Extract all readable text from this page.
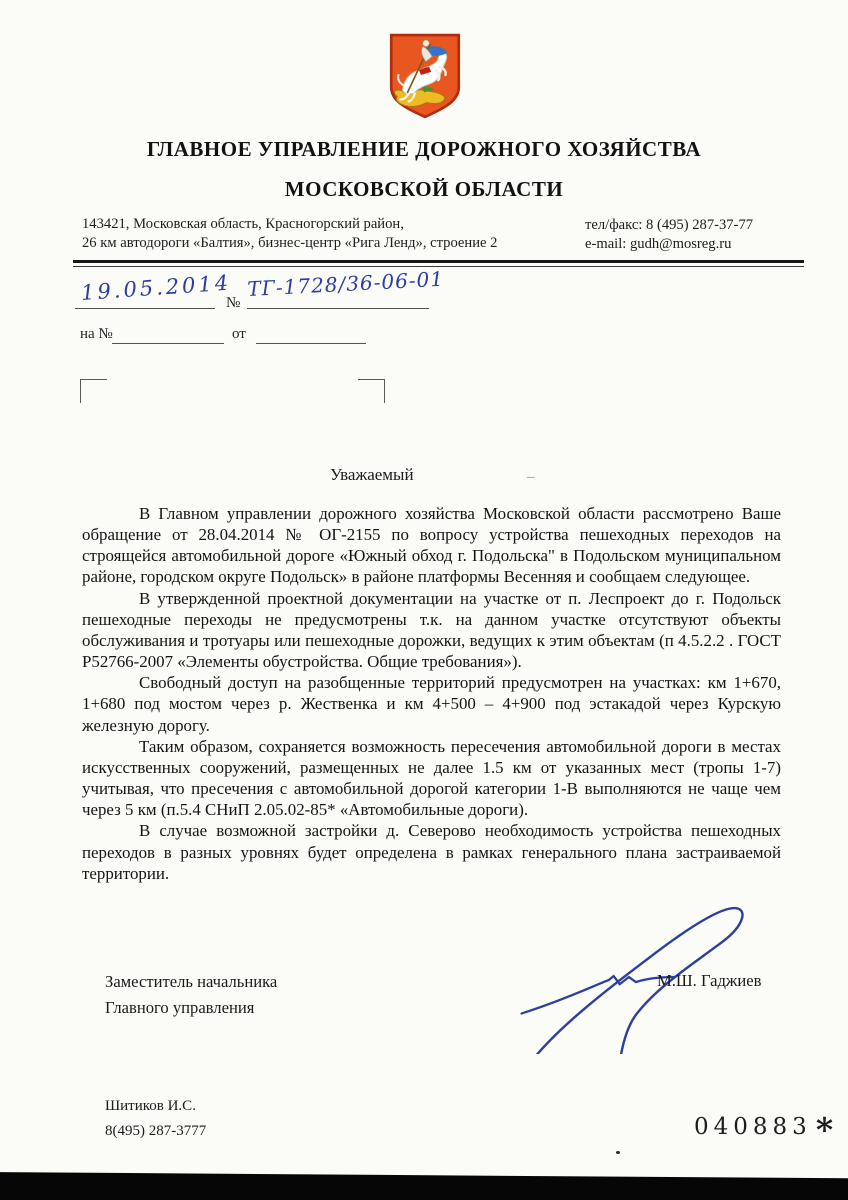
ГЛАВНОЕ УПРАВЛЕНИЕ ДОРОЖНОГО ХОЗЯЙСТВА
МОСКОВСКОЙ ОБЛАСТИ
143421, Московская область, Красногорский район,
26 км автодороги «Балтия», бизнес-центр «Рига Ленд», строение 2
тел/факс: 8 (495) 287-37-77
e-mail: gudh@mosreg.ru
19.05.2014
№
ТГ-1728/36-06-01
на №	от
Уважаемый	–

В Главном управлении дорожного хозяйства Московской области рассмотрено Ваше обращение от 28.04.2014 № ОГ-2155 по вопросу устройства пешеходных переходов на строящейся автомобильной дороге «Южный обход г. Подольска" в Подольском муниципальном районе, городском округе Подольск» в районе платформы Весенняя и сообщаем следующее.

В утвержденной проектной документации на участке от п. Леспроект до г. Подольск пешеходные переходы не предусмотрены т.к. на данном участке отсутствуют объекты обслуживания и тротуары или пешеходные дорожки, ведущих к этим объектам (п 4.5.2.2 . ГОСТ Р52766-2007 «Элементы обустройства. Общие требования»).

Свободный доступ на разобщенные территорий предусмотрен на участках: км 1+670, 1+680 под мостом через р. Жественка и км 4+500 – 4+900 под эстакадой через Курскую железную дорогу.

Таким образом, сохраняется возможность пересечения автомобильной дороги в местах искусственных сооружений, размещенных не далее 1.5 км от указанных мест (тропы 1-7) учитывая, что пресечения с автомобильной дорогой категории 1-В выполняются не чаще чем через 5 км (п.5.4 СНиП 2.05.02-85* «Автомобильные дороги).

В случае возможной застройки д. Северово необходимость устройства пешеходных переходов в разных уровнях будет определена в рамках генерального плана застраиваемой территории.

Заместитель начальника
Главного управления
М.Ш. Гаджиев
Шитиков И.С.
8(495) 287-3777	040883 *
